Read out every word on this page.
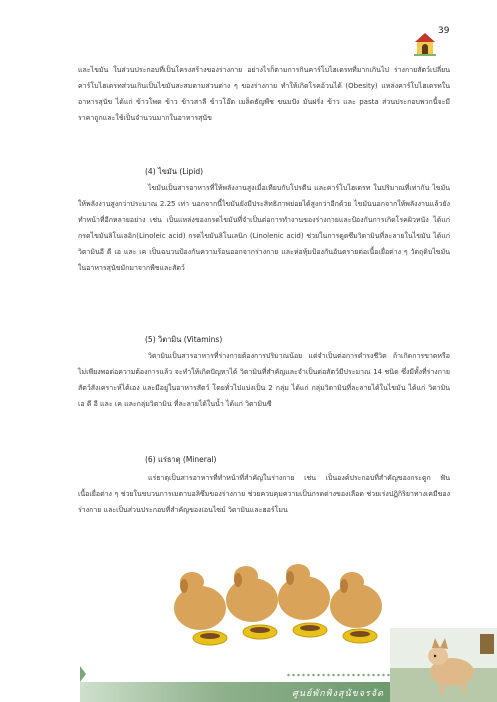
39

และไขมัน ในส่วนประกอบที่เป็นโครงสร้างของร่างกาย อย่างไรก็ตามการกินคาร์โบไฮเดรทที่มากเกินไป ร่างกายสัตว์เปลี่ยนคาร์โบไฮเดรทส่วนเกินเป็นไขมันสะสมตามส่วนต่าง ๆ ของร่างกาย ทำให้เกิดโรคอ้วนได้ (Obesity) แหล่งคาร์โบไฮเดรทในอาหารสุนัข ได้แก่ ข้าวโพด ข้าว ข้าวสาลี ข้าวโอ๊ต เมล็ดธัญพืช ขนมปัง มันฝรั่ง ข้าว และ pasta ส่วนประกอบพวกนี้จะมีราคาถูกและใช้เป็นจำนวนมากในอาหารสุนัข

(4) ไขมัน (Lipid)

ไขมันเป็นสารอาหารที่ให้พลังงานสูงเมื่อเทียบกับโปรตีน และคาร์โบไฮเดรท ในปริมาณที่เท่ากัน ไขมันให้พลังงานสูงกว่าประมาณ 2.25 เท่า นอกจากนี้ไขมันยังมีประสิทธิภาพย่อยได้สูงกว่าอีกด้วย ไขมันนอกจากให้พลังงานแล้วยังทำหน้าที่อีกหลายอย่าง เช่น เป็นแหล่งของกรดไขมันที่จำเป็นต่อการทำงานของร่างกายและป้องกันการเกิดโรคผิวหนัง ได้แก่ กรดไขมันลิโนเลอิก(Linoleic acid) กรดไขมันลิโนเลนิก (Linolenic acid) ช่วยในการดูดซึมวิตามินที่ละลายในไขมัน ได้แก่ วิตามินอี ดี เอ และ เค เป็นฉนวนป้องกันความร้อนออกจากร่างกาย และห่อหุ้มป้องกันอันตรายต่อเนื้อเยื่อต่าง ๆ วัตถุดิบไขมันในอาหารสุนัขมักมาจากพืชและสัตว์

(5) วิตามิน (Vitamins)

วิตามินเป็นสารอาหารที่ร่างกายต้องการปริมาณน้อย แต่จำเป็นต่อการดำรงชีวิต ถ้าเกิดการขาดหรือไม่เพียงพอต่อความต้องการแล้ว จะทำให้เกิดปัญหาได้ วิตามินที่สำคัญและจำเป็นต่อสัตว์มีประมาณ 14 ชนิด ซึ่งมีทั้งที่ร่างกายสัตว์สังเคราะห์ได้เอง และมีอยู่ในอาหารสัตว์ โดยทั่วไปแบ่งเป็น 2 กลุ่ม ได้แก่ กลุ่มวิตามินที่ละลายได้ในไขมัน ได้แก่ วิตามินเอ ดี อี และ เค และกลุ่มวิตามิน ที่ละลายได้ในน้ำ ได้แก่ วิตามินซี

(6) แร่ธาตุ (Mineral)

แร่ธาตุเป็นสารอาหารที่ทำหน้าที่สำคัญในร่างกาย เช่น เป็นองค์ประกอบที่สำคัญของกระดูก ฟัน เนื้อเยื่อต่าง ๆ ช่วยในขบวนการเมตาบอลิซึมของร่างกาย ช่วยควบคุมความเป็นกรดด่างของเลือด ช่วยเร่งปฏิกิริยาทางเคมีของร่างกาย และเป็นส่วนประกอบที่สำคัญของเอนไซม์ วิตามินและฮอร์โมน

ศูนย์พักพิงสุนัขจรจัด
